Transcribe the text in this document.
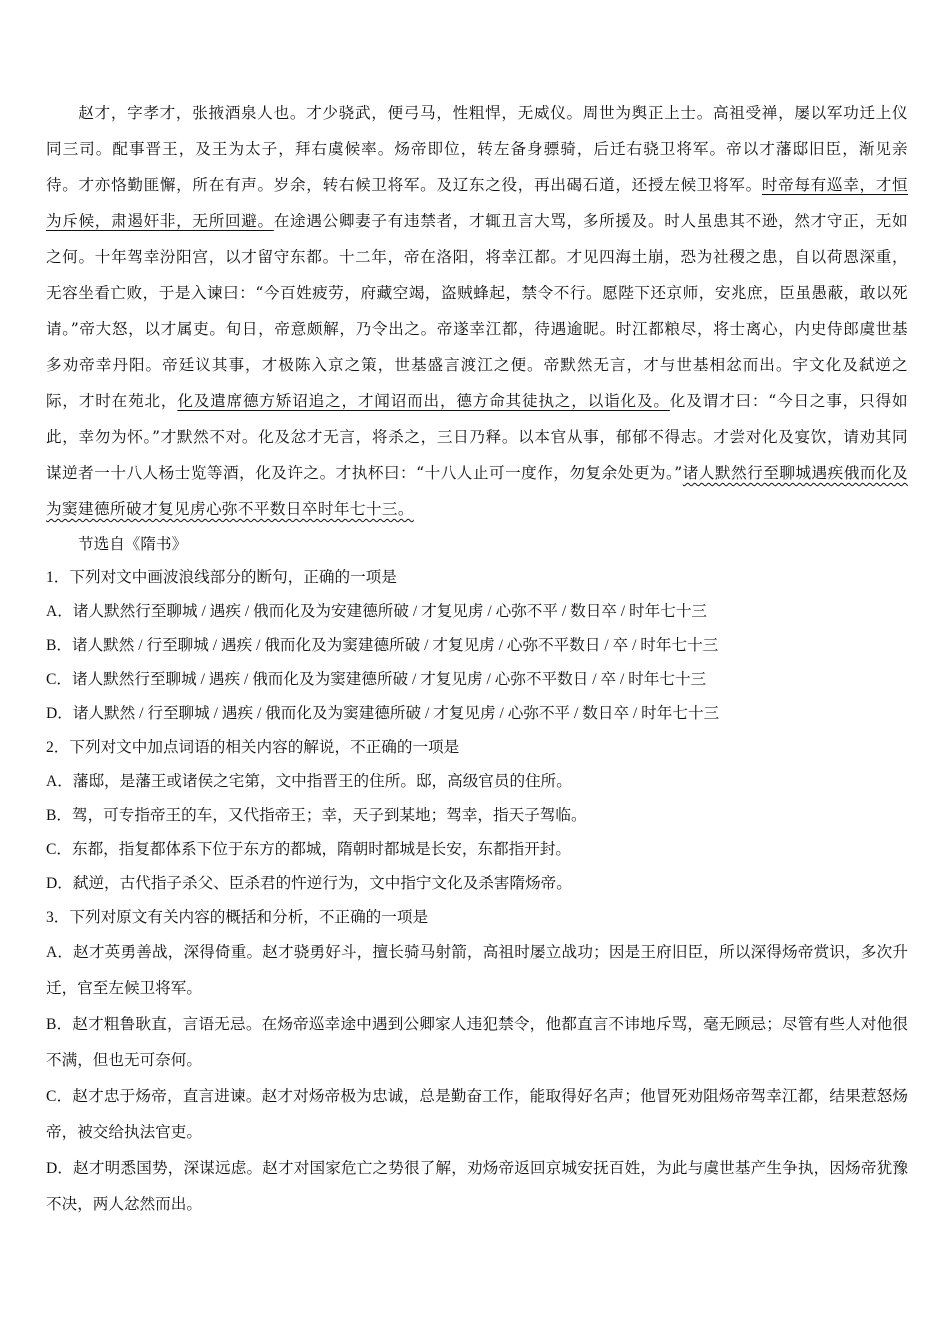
赵才，字孝才，张掖酒泉人也。才少骁武，便弓马，性粗悍，无威仪。周世为舆正上士。高祖受禅，屡以军功迁上仪同三司。配事晋王，及王为太子，拜右虞候率。炀帝即位，转左备身骠骑，后迁右骁卫将军。帝以才藩邸旧臣，渐见亲待。才亦恪勤匪懈，所在有声。岁余，转右候卫将军。及辽东之役，再出碣石道，还授左候卫将军。时帝每有巡幸，才恒为斥候，肃遏奸非，无所回避。在途遇公卿妻子有违禁者，才辄丑言大骂，多所援及。时人虽患其不逊，然才守正，无如之何。十年驾幸汾阳宫，以才留守东都。十二年，帝在洛阳，将幸江都。才见四海土崩，恐为社稷之患，自以荷恩深重，无容坐看亡败，于是入谏曰：“今百姓疲劳，府藏空竭，盗贼蜂起，禁令不行。愿陛下还京师，安兆庶，臣虽愚蔽，敢以死请。”帝大怒，以才属吏。旬日，帝意颇解，乃令出之。帝遂幸江都，待遇逾昵。时江都粮尽，将士离心，内史侍郎虞世基多劝帝幸丹阳。帝廷议其事，才极陈入京之策，世基盛言渡江之便。帝默然无言，才与世基相忿而出。宇文化及弑逆之际，才时在苑北，化及遣席德方矫诏追之，才闻诏而出，德方命其徒执之，以诣化及。化及谓才曰：“今日之事，只得如此，幸勿为怀。”才默然不对。化及忿才无言，将杀之，三日乃释。以本官从事，郁郁不得志。才尝对化及宴饮，请劝其同谋逆者一十八人杨士览等酒，化及许之。才执杯曰：“十八人止可一度作，勿复余处更为。”诸人默然行至聊城遇疾俄而化及为窦建德所破才复见虏心弥不平数日卒时年七十三。

节选自《隋书》

1．下列对文中画波浪线部分的断句，正确的一项是

A．诸人默然行至聊城 / 遇疾 / 俄而化及为安建德所破 / 才复见虏 / 心弥不平 / 数日卒 / 时年七十三

B．诸人默然 / 行至聊城 / 遇疾 / 俄而化及为窦建德所破 / 才复见虏 / 心弥不平数日 / 卒 / 时年七十三

C．诸人默然行至聊城 / 遇疾 / 俄而化及为窦建德所破 / 才复见虏 / 心弥不平数日 / 卒 / 时年七十三

D．诸人默然 / 行至聊城 / 遇疾 / 俄而化及为窦建德所破 / 才复见虏 / 心弥不平 / 数日卒 / 时年七十三

2．下列对文中加点词语的相关内容的解说，不正确的一项是

A．藩邸，是藩王或诸侯之宅第，文中指晋王的住所。邸，高级官员的住所。

B．驾，可专指帝王的车，又代指帝王；幸，天子到某地；驾幸，指天子驾临。

C．东都，指复都体系下位于东方的都城，隋朝时都城是长安，东都指开封。

D．弑逆，古代指子杀父、臣杀君的忤逆行为，文中指宁文化及杀害隋炀帝。

3．下列对原文有关内容的概括和分析，不正确的一项是

A．赵才英勇善战，深得倚重。赵才骁勇好斗，擅长骑马射箭，高祖时屡立战功；因是王府旧臣，所以深得炀帝赏识，多次升迁，官至左候卫将军。

B．赵才粗鲁耿直，言语无忌。在炀帝巡幸途中遇到公卿家人违犯禁令，他都直言不讳地斥骂，毫无顾忌；尽管有些人对他很不满，但也无可奈何。

C．赵才忠于炀帝，直言进谏。赵才对炀帝极为忠诚，总是勤奋工作，能取得好名声；他冒死劝阻炀帝驾幸江都，结果惹怒炀帝，被交给执法官吏。

D．赵才明悉国势，深谋远虑。赵才对国家危亡之势很了解，劝炀帝返回京城安抚百姓，为此与虞世基产生争执，因炀帝犹豫不决，两人忿然而出。
